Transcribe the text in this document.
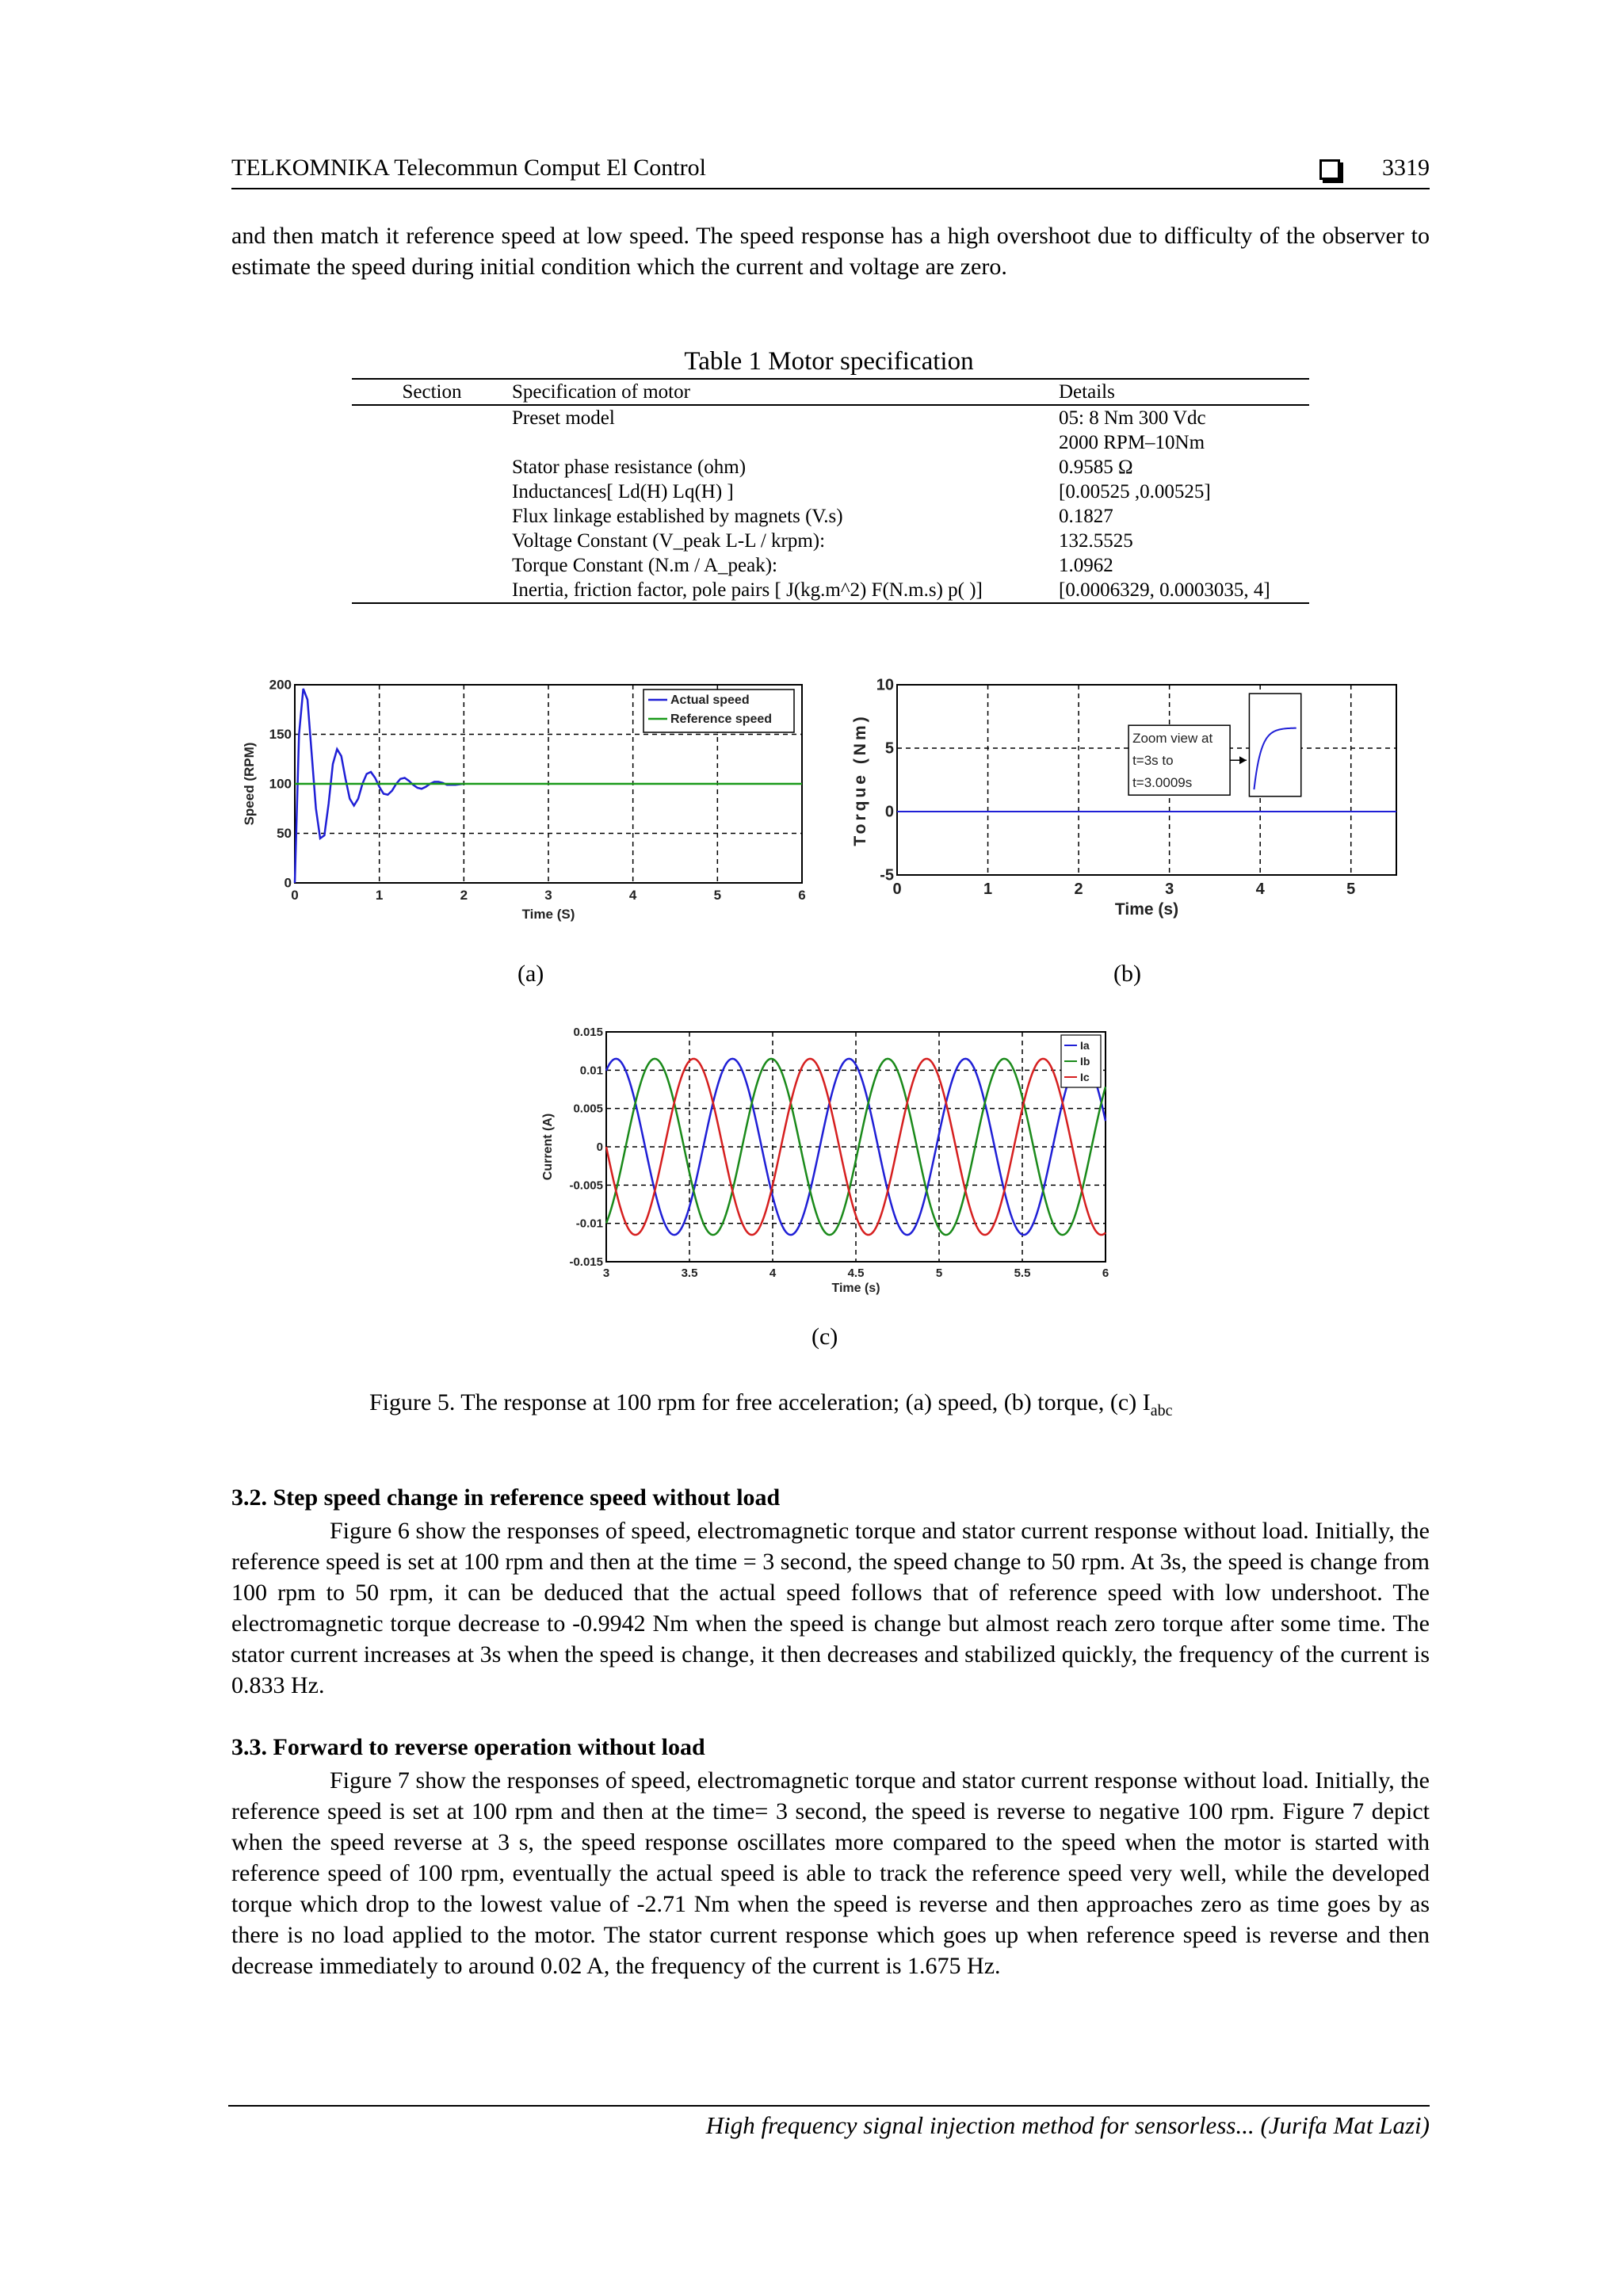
TELKOMNIKA Telecommun Comput El Control	3319

and then match it reference speed at low speed. The speed response has a high overshoot due to difficulty of the observer to estimate the speed during initial condition which the current and voltage are zero.

Table 1 Motor specification
Section	Specification of motor	Details
	Preset model	05: 8 Nm 300 Vdc
		2000 RPM–10Nm
	Stator phase resistance (ohm)	0.9585 Ω
	Inductances[ Ld(H) Lq(H) ]	[0.00525 ,0.00525]
	Flux linkage established by magnets (V.s)	0.1827
	Voltage Constant (V_peak L-L / krpm):	132.5525
	Torque Constant (N.m / A_peak):	1.0962
	Inertia, friction factor, pole pairs [ J(kg.m^2) F(N.m.s) p( )]	[0.0006329, 0.0003035, 4]
0	1	2	3	4	5	6
0
50
100
150
200
Time (S)
Speed (RPM)
Actual speed
Reference speed
0	1	2	3	4	5
-5
0
5
10
Time (s)
Torque (Nm)	Zoom view at
t=3s to
t=3.0009s
(a)	(b)
3	3.5	4	4.5	5	5.5	6
0.015
0.01
0.005
0
-0.005
-0.01
-0.015
Time (s)
Current (A)
Ia
Ib
Ic
(c)
Figure 5. The response at 100 rpm for free acceleration; (a) speed, (b) torque, (c) $I_{abc}$
3.2. Step speed change in reference speed without load

Figure 6 show the responses of speed, electromagnetic torque and stator current response without load. Initially, the reference speed is set at 100 rpm and then at the time = 3 second, the speed change to 50 rpm. At 3s, the speed is change from 100 rpm to 50 rpm, it can be deduced that the actual speed follows that of reference speed with low undershoot. The electromagnetic torque decrease to -0.9942 Nm when the speed is change but almost reach zero torque after some time. The stator current increases at 3s when the speed is change, it then decreases and stabilized quickly, the frequency of the current is 0.833 Hz.

3.3. Forward to reverse operation without load

Figure 7 show the responses of speed, electromagnetic torque and stator current response without load. Initially, the reference speed is set at 100 rpm and then at the time= 3 second, the speed is reverse to negative 100 rpm. Figure 7 depict when the speed reverse at 3 s, the speed response oscillates more compared to the speed when the motor is started with reference speed of 100 rpm, eventually the actual speed is able to track the reference speed very well, while the developed torque which drop to the lowest value of -2.71 Nm when the speed is reverse and then approaches zero as time goes by as there is no load applied to the motor. The stator current response which goes up when reference speed is reverse and then decrease immediately to around 0.02 A, the frequency of the current is 1.675 Hz.

High frequency signal injection method for sensorless... (Jurifa Mat Lazi)
